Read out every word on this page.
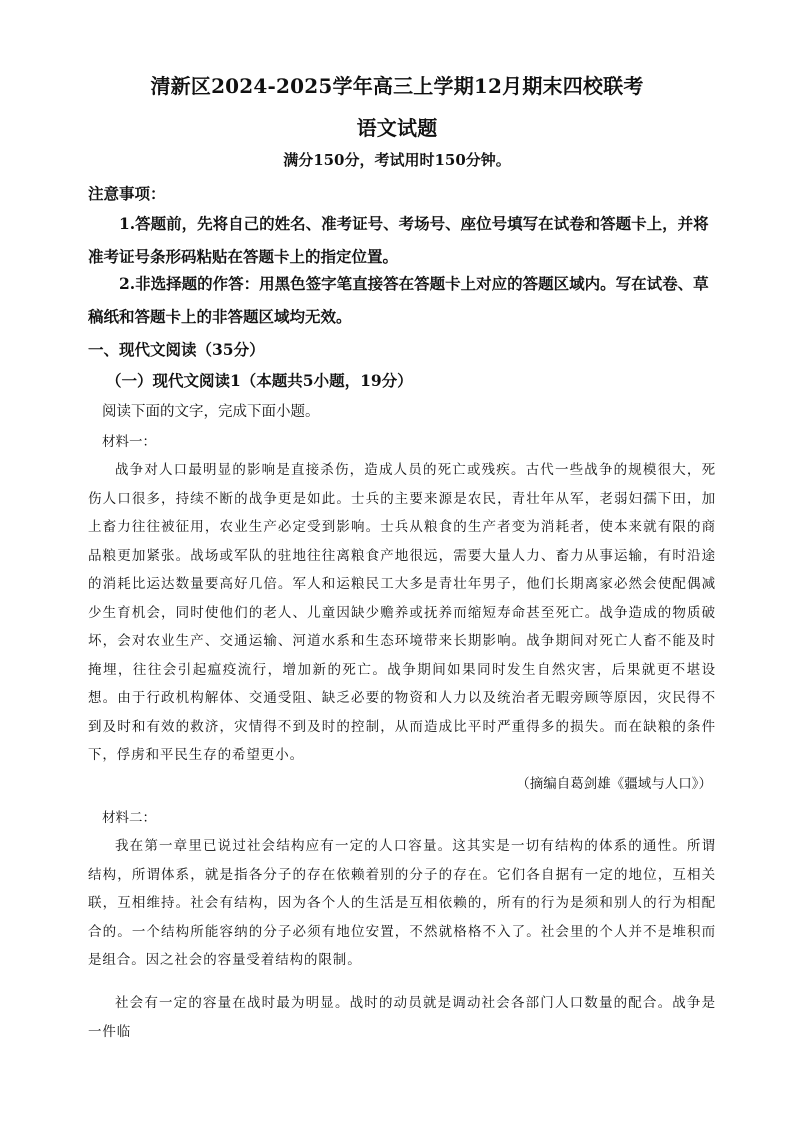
清新区2024-2025学年高三上学期12月期末四校联考
语文试题
满分150分，考试用时150分钟。
注意事项：
1.答题前，先将自己的姓名、准考证号、考场号、座位号填写在试卷和答题卡上，并将准考证号条形码粘贴在答题卡上的指定位置。
2.非选择题的作答：用黑色签字笔直接答在答题卡上对应的答题区域内。写在试卷、草稿纸和答题卡上的非答题区域均无效。
一、现代文阅读（35分）
（一）现代文阅读1（本题共5小题，19分）
阅读下面的文字，完成下面小题。
材料一：
战争对人口最明显的影响是直接杀伤，造成人员的死亡或残疾。古代一些战争的规模很大，死伤人口很多，持续不断的战争更是如此。士兵的主要来源是农民，青壮年从军，老弱妇孺下田，加上畜力往往被征用，农业生产必定受到影响。士兵从粮食的生产者变为消耗者，使本来就有限的商品粮更加紧张。战场或军队的驻地往往离粮食产地很远，需要大量人力、畜力从事运输，有时沿途的消耗比运达数量要高好几倍。军人和运粮民工大多是青壮年男子，他们长期离家必然会使配偶减少生育机会，同时使他们的老人、儿童因缺少赡养或抚养而缩短寿命甚至死亡。战争造成的物质破坏，会对农业生产、交通运输、河道水系和生态环境带来长期影响。战争期间对死亡人畜不能及时掩埋，往往会引起瘟疫流行，增加新的死亡。战争期间如果同时发生自然灾害，后果就更不堪设想。由于行政机构解体、交通受阻、缺乏必要的物资和人力以及统治者无暇旁顾等原因，灾民得不到及时和有效的救济，灾情得不到及时的控制，从而造成比平时严重得多的损失。而在缺粮的条件下，俘虏和平民生存的希望更小。
（摘编自葛剑雄《疆域与人口》）
材料二：
我在第一章里已说过社会结构应有一定的人口容量。这其实是一切有结构的体系的通性。所谓结构，所谓体系，就是指各分子的存在依赖着别的分子的存在。它们各自据有一定的地位，互相关联，互相维持。社会有结构，因为各个人的生活是互相依赖的，所有的行为是须和别人的行为相配合的。一个结构所能容纳的分子必须有地位安置，不然就格格不入了。社会里的个人并不是堆积而是组合。因之社会的容量受着结构的限制。
社会有一定的容量在战时最为明显。战时的动员就是调动社会各部门人口数量的配合。战争是一件临
